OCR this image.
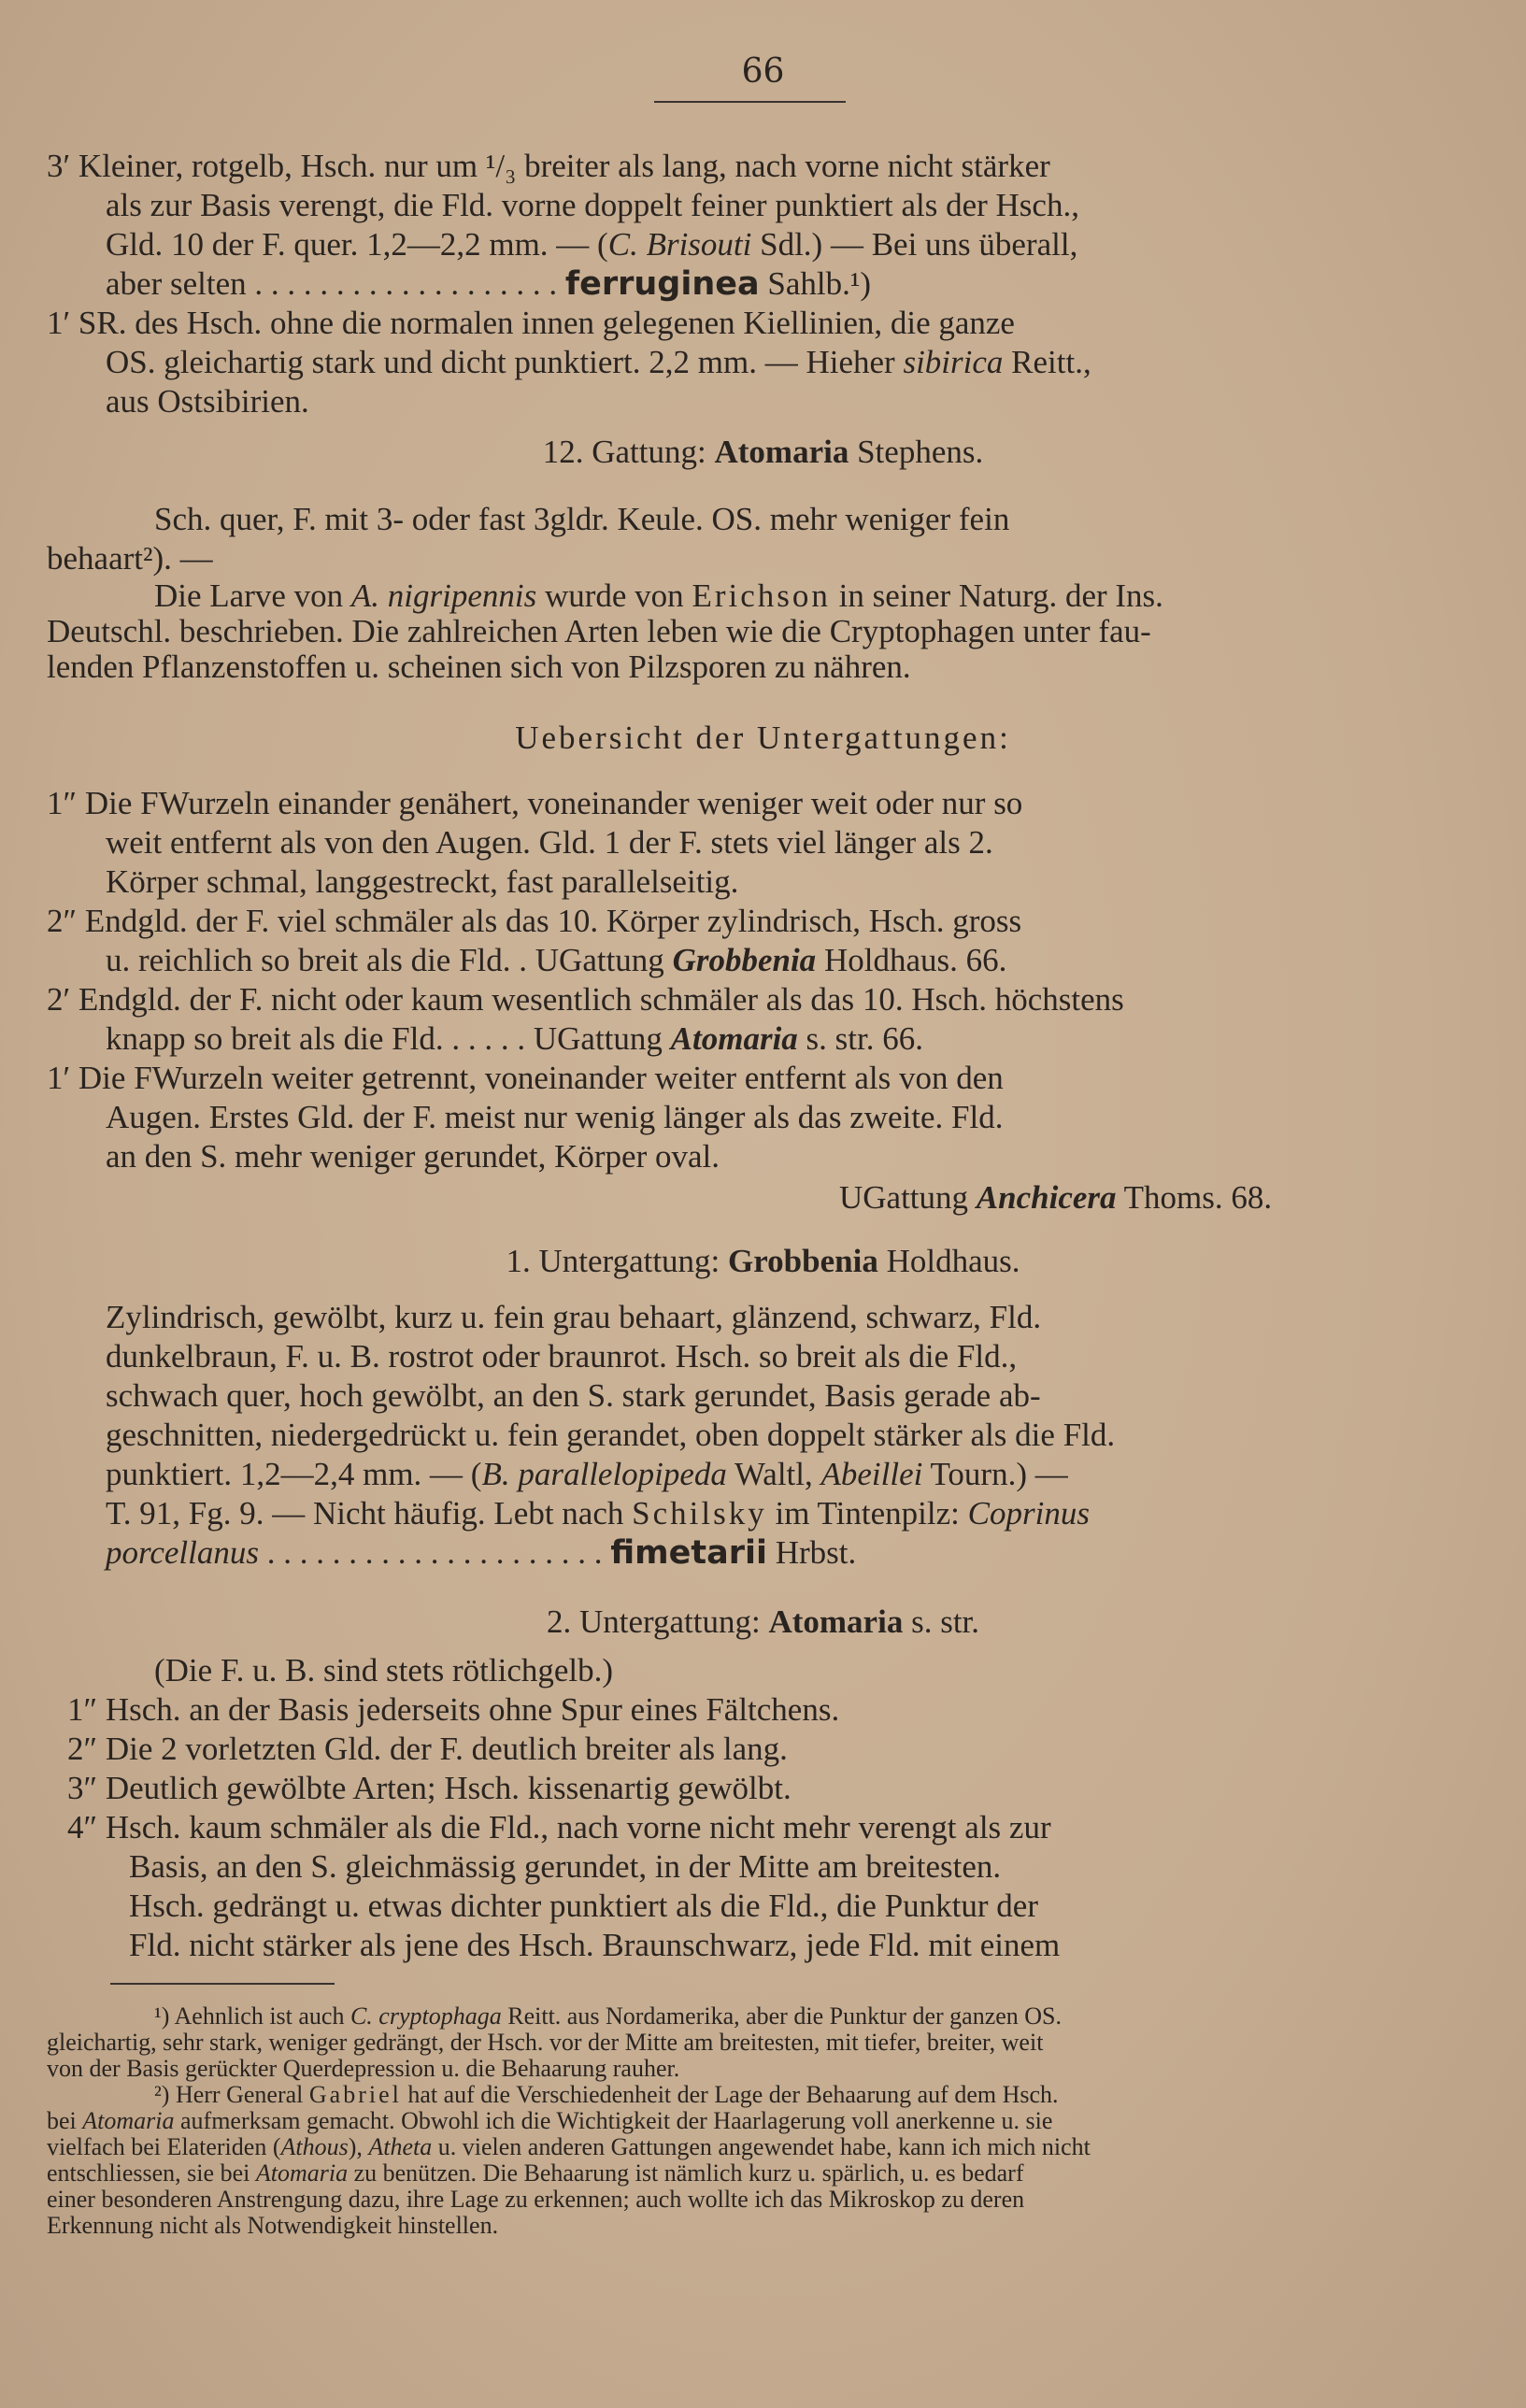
66
3′ Kleiner, rotgelb, Hsch. nur um ¹/₃ breiter als lang, nach vorne nicht stärker
als zur Basis verengt, die Fld. vorne doppelt feiner punktiert als der Hsch.,
Gld. 10 der F. quer. 1,2—2,2 mm. — (C. Brisouti Sdl.) — Bei uns überall,
aber selten . . . . . . . . . . . . . . . . . . . ferruginea Sahlb.¹)
1′ SR. des Hsch. ohne die normalen innen gelegenen Kiellinien, die ganze
OS. gleichartig stark und dicht punktiert. 2,2 mm. — Hieher sibirica Reitt.,
aus Ostsibirien.
12. Gattung: Atomaria Stephens.
Sch. quer, F. mit 3- oder fast 3gldr. Keule. OS. mehr weniger fein
behaart²). —
Die Larve von A. nigripennis wurde von Erichson in seiner Naturg. der Ins.
Deutschl. beschrieben. Die zahlreichen Arten leben wie die Cryptophagen unter fau-
lenden Pflanzenstoffen u. scheinen sich von Pilzsporen zu nähren.
Uebersicht der Untergattungen:
1″ Die FWurzeln einander genähert, voneinander weniger weit oder nur so
weit entfernt als von den Augen. Gld. 1 der F. stets viel länger als 2.
Körper schmal, langgestreckt, fast parallelseitig.
2″ Endgld. der F. viel schmäler als das 10. Körper zylindrisch, Hsch. gross
u. reichlich so breit als die Fld. . UGattung Grobbenia Holdhaus. 66.
2′ Endgld. der F. nicht oder kaum wesentlich schmäler als das 10. Hsch. höchstens
knapp so breit als die Fld. . . . . . UGattung Atomaria s. str. 66.
1′ Die FWurzeln weiter getrennt, voneinander weiter entfernt als von den
Augen. Erstes Gld. der F. meist nur wenig länger als das zweite. Fld.
an den S. mehr weniger gerundet, Körper oval.
UGattung Anchicera Thoms. 68.
1. Untergattung: Grobbenia Holdhaus.
Zylindrisch, gewölbt, kurz u. fein grau behaart, glänzend, schwarz, Fld.
dunkelbraun, F. u. B. rostrot oder braunrot. Hsch. so breit als die Fld.,
schwach quer, hoch gewölbt, an den S. stark gerundet, Basis gerade ab-
geschnitten, niedergedrückt u. fein gerandet, oben doppelt stärker als die Fld.
punktiert. 1,2—2,4 mm. — (B. parallelopipeda Waltl, Abeillei Tourn.) —
T. 91, Fg. 9. — Nicht häufig. Lebt nach Schilsky im Tintenpilz: Coprinus
porcellanus . . . . . . . . . . . . . . . . . . . . . fimetarii Hrbst.
2. Untergattung: Atomaria s. str.
(Die F. u. B. sind stets rötlichgelb.)
1″ Hsch. an der Basis jederseits ohne Spur eines Fältchens.
2″ Die 2 vorletzten Gld. der F. deutlich breiter als lang.
3″ Deutlich gewölbte Arten; Hsch. kissenartig gewölbt.
4″ Hsch. kaum schmäler als die Fld., nach vorne nicht mehr verengt als zur
Basis, an den S. gleichmässig gerundet, in der Mitte am breitesten.
Hsch. gedrängt u. etwas dichter punktiert als die Fld., die Punktur der
Fld. nicht stärker als jene des Hsch. Braunschwarz, jede Fld. mit einem
¹) Aehnlich ist auch C. cryptophaga Reitt. aus Nordamerika, aber die Punktur der ganzen OS.
gleichartig, sehr stark, weniger gedrängt, der Hsch. vor der Mitte am breitesten, mit tiefer, breiter, weit
von der Basis gerückter Querdepression u. die Behaarung rauher.
²) Herr General Gabriel hat auf die Verschiedenheit der Lage der Behaarung auf dem Hsch.
bei Atomaria aufmerksam gemacht. Obwohl ich die Wichtigkeit der Haarlagerung voll anerkenne u. sie
vielfach bei Elateriden (Athous), Atheta u. vielen anderen Gattungen angewendet habe, kann ich mich nicht
entschliessen, sie bei Atomaria zu benützen. Die Behaarung ist nämlich kurz u. spärlich, u. es bedarf
einer besonderen Anstrengung dazu, ihre Lage zu erkennen; auch wollte ich das Mikroskop zu deren
Erkennung nicht als Notwendigkeit hinstellen.
